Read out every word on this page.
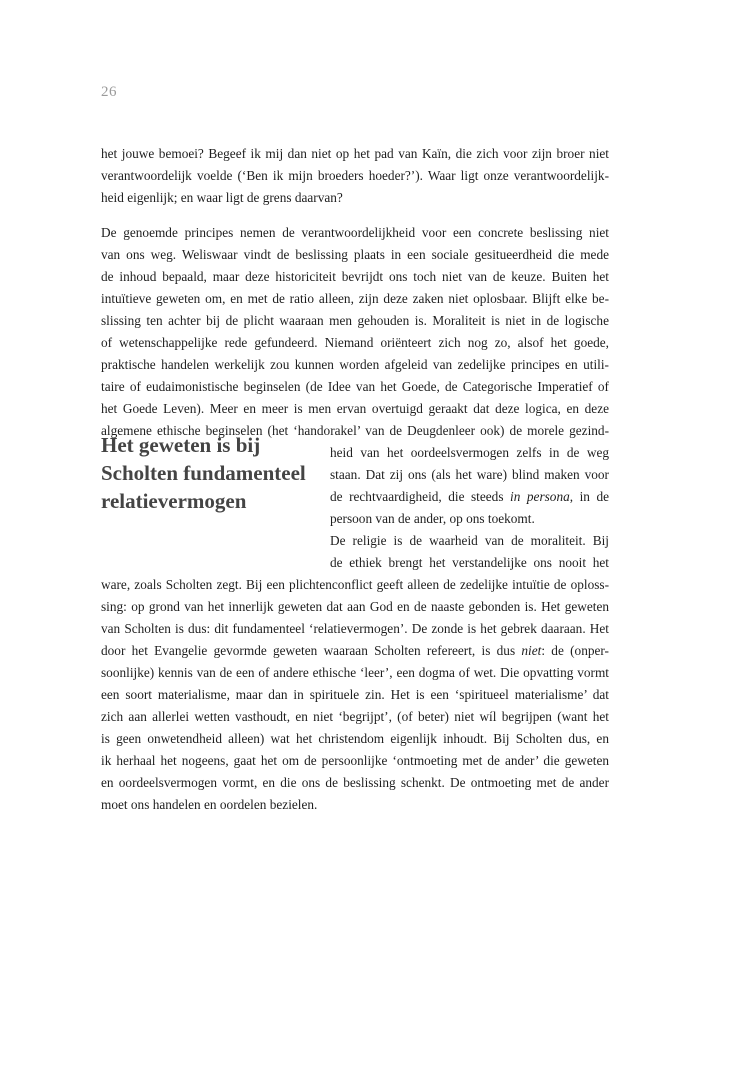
26
het jouwe bemoei? Begeef ik mij dan niet op het pad van Kaïn, die zich voor zijn broer niet
verantwoordelijk voelde (‘Ben ik mijn broeders hoeder?’). Waar ligt onze verantwoordelijk-
heid eigenlijk; en waar ligt de grens daarvan?
De genoemde principes nemen de verantwoordelijkheid voor een concrete beslissing niet
van ons weg. Weliswaar vindt de beslissing plaats in een sociale gesitueerdheid die mede
de inhoud bepaald, maar deze historiciteit bevrijdt ons toch niet van de keuze. Buiten het
intuïtieve geweten om, en met de ratio alleen, zijn deze zaken niet oplosbaar. Blijft elke be-
slissing ten achter bij de plicht waaraan men gehouden is. Moraliteit is niet in de logische
of wetenschappelijke rede gefundeerd. Niemand oriënteert zich nog zo, alsof het goede,
praktische handelen werkelijk zou kunnen worden afgeleid van zedelijke principes en utili-
taire of eudaimonistische beginselen (de Idee van het Goede, de Categorische Imperatief of
het Goede Leven). Meer en meer is men ervan overtuigd geraakt dat deze logica, en deze
algemene ethische beginselen (het ‘handorakel’ van de Deugdenleer ook) de morele gezind-
Het geweten is bij
Scholten fundamenteel
relatievermogen
heid van het oordeelsvermogen zelfs in de weg
staan. Dat zij ons (als het ware) blind maken voor
de rechtvaardigheid, die steeds in persona, in de
persoon van de ander, op ons toekomt.
De religie is de waarheid van de moraliteit. Bij
de ethiek brengt het verstandelijke ons nooit het
ware, zoals Scholten zegt. Bij een plichtenconflict geeft alleen de zedelijke intuïtie de oploss-
sing: op grond van het innerlijk geweten dat aan God en de naaste gebonden is. Het geweten
van Scholten is dus: dit fundamenteel ‘relatievermogen’. De zonde is het gebrek daaraan. Het
door het Evangelie gevormde geweten waaraan Scholten refereert, is dus niet: de (onper-
soonlijke) kennis van de een of andere ethische ‘leer’, een dogma of wet. Die opvatting vormt
een soort materialisme, maar dan in spirituele zin. Het is een ‘spiritueel materialisme’ dat
zich aan allerlei wetten vasthoudt, en niet ‘begrijpt’, (of beter) niet wíl begrijpen (want het
is geen onwetendheid alleen) wat het christendom eigenlijk inhoudt. Bij Scholten dus, en
ik herhaal het nogeens, gaat het om de persoonlijke ‘ontmoeting met de ander’ die geweten
en oordeelsvermogen vormt, en die ons de beslissing schenkt. De ontmoeting met de ander
moet ons handelen en oordelen bezielen.
